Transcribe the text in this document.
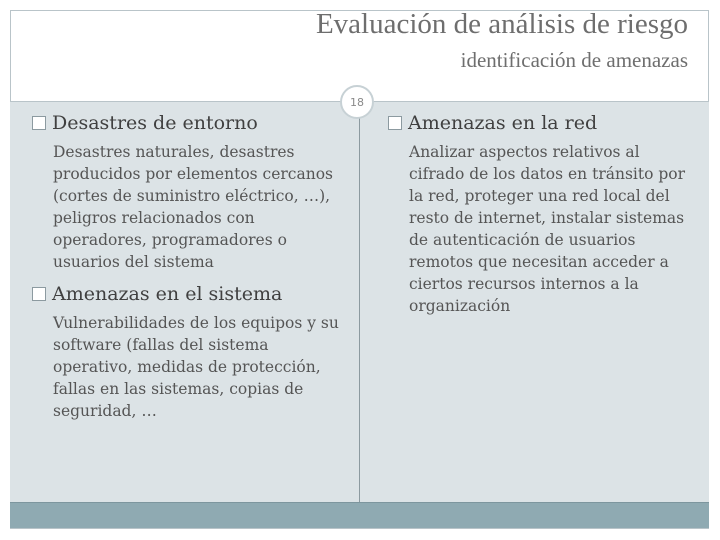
Evaluación de análisis de riesgo
identificación de amenazas
18
Desastres de entorno
Desastres naturales, desastres producidos por elementos cercanos (cortes de suministro eléctrico, …), peligros relacionados con operadores, programadores o usuarios del sistema
Amenazas en el sistema
Vulnerabilidades de los equipos y su software (fallas del sistema operativo, medidas de protección, fallas en las sistemas, copias de seguridad, …
Amenazas en la red
Analizar aspectos relativos al cifrado de los datos en tránsito por la red, proteger una red local del resto de internet, instalar sistemas de autenticación de usuarios remotos que necesitan acceder a ciertos recursos internos a la organización
